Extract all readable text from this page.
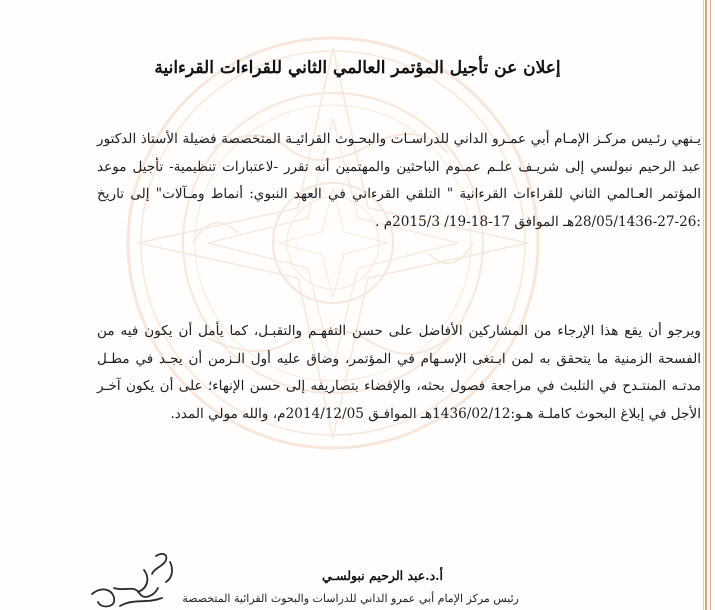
إعلان عن تأجيل المؤتمر العالمي الثاني للقراءات القرءانية

يـنهي رئـيس مركـز الإمـام أبي عمـرو الداني للدراسـات والبحـوث القرائيـة المتخصصة فضيلة الأستاذ الدكتور عبد الرحيم نبولسي إلى شريـف علـم عمـوم الباحثين والمهتمين أنه تقرر -لاعتبارات تنظيمية- تأجيل موعد المؤتمر العـالمي الثاني للقراءات القرءانية " التلقي القرءاني في العهد النبوي: أنماط ومـآلات" إلى تاريخ :26-27-28/05/1436هـ الموافق 17-18-19/ 2015/3م .

ويرجو أن يقع هذا الإرجاء من المشاركين الأفاضل على حسن التفهـم والتقبـل، كما يأمل أن يكون فيه من الفسحة الزمنية ما يتحقق به لمن ابـتغى الإسـهام في المؤتمر، وضاق عليه أول الـزمن أن يجـد في مطـل مدتـه المنتـدح في التلبث في مراجعة فصول بحثه، والإفضاء بتصاريفه إلى حسن الإنهاء؛ على أن يكون آخـر الأجل في إبلاغ البحوث كاملـة هـو:1436/02/12هـ الموافـق 2014/12/05م، والله مولي المدد.

أ.د.عبد الرحيم نبولسـي
رئيس مركز الإمام أبي عمرو الداني للدراسات والبحوث القرائية المتخصصة
